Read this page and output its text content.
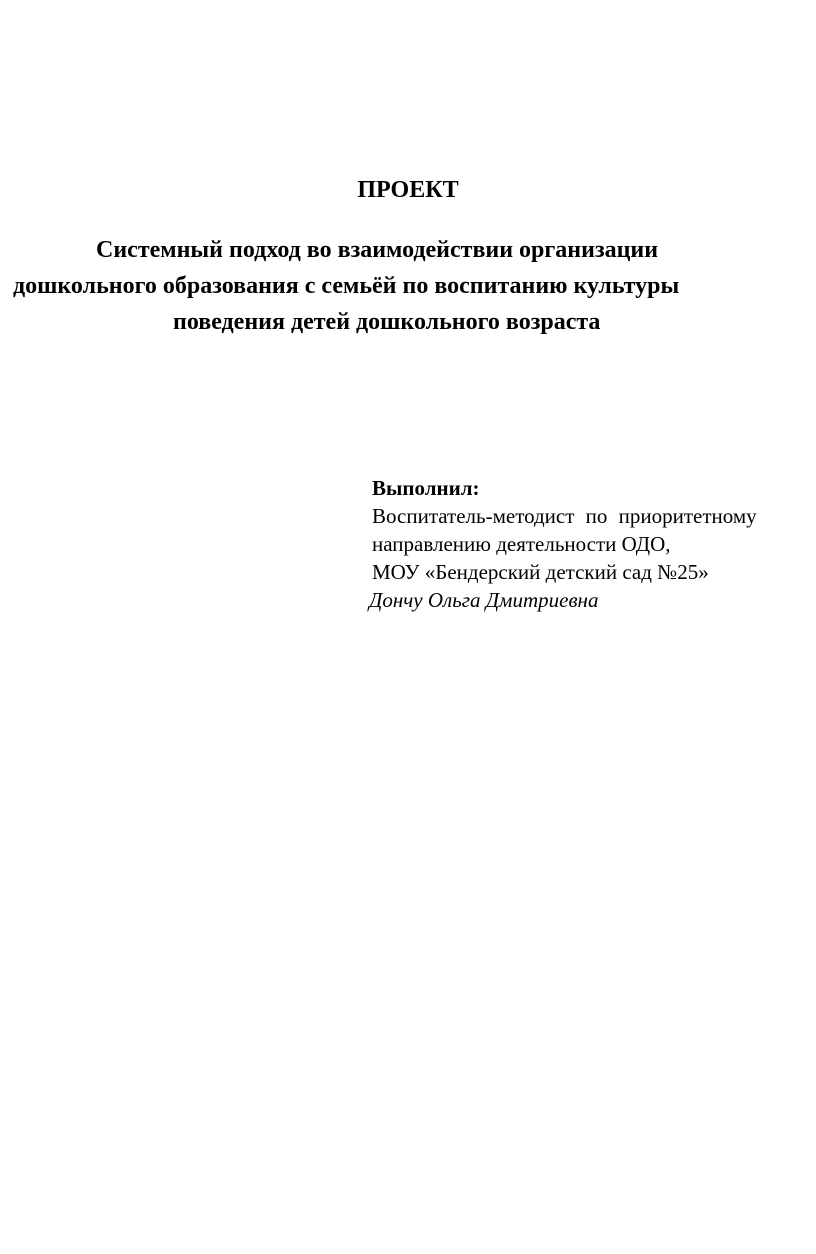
ПРОЕКТ
Системный подход во взаимодействии организации
дошкольного образования с семьёй по воспитанию культуры
поведения детей дошкольного возраста
Выполнил:
Воспитатель-методист по приоритетному
направлению деятельности ОДО,
МОУ «Бендерский детский сад №25»
Дончу Ольга Дмитриевна
